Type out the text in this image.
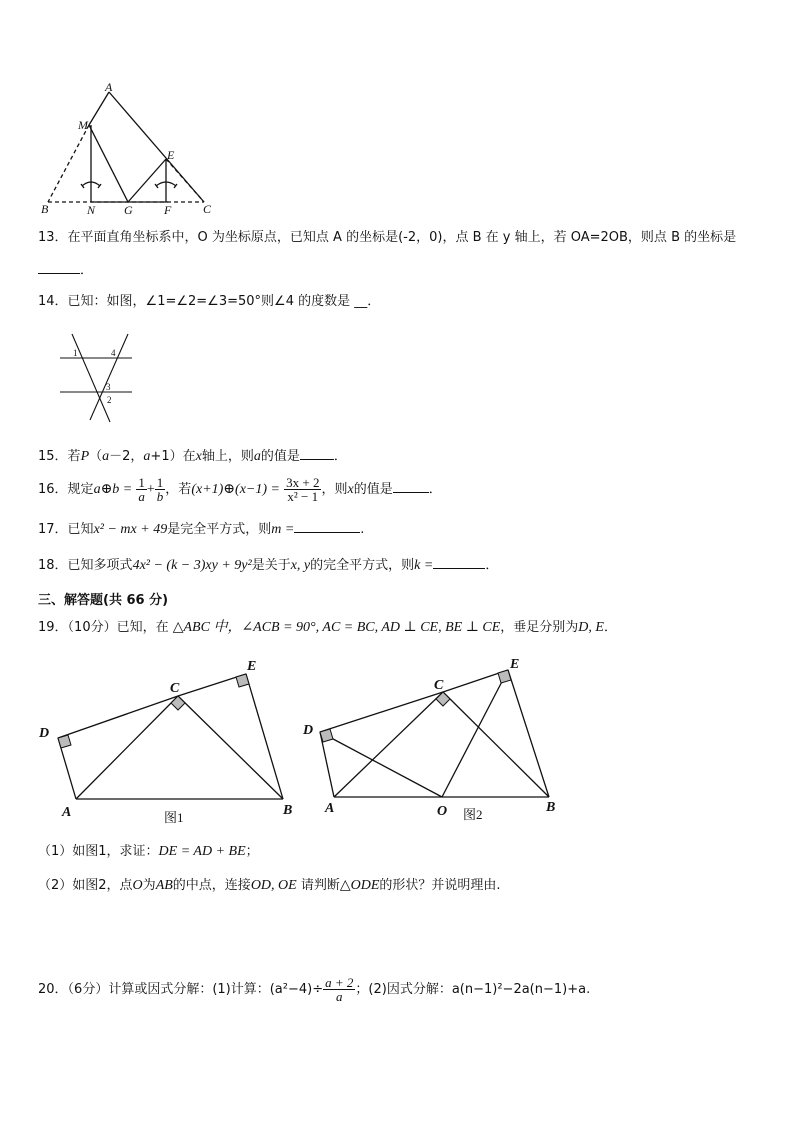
A
M
E
B	N G	F	C
13．在平面直角坐标系中，O 为坐标原点，已知点 A 的坐标是(-2，0)，点 B 在 y 轴上，若 OA=2OB，则点 B 的坐标是
．
14．已知：如图，∠1=∠2=∠3=50°则∠4 的度数是 __．
1	4
3
2
15．若P（a－2，a+1）在x轴上，则a的值是	．
16．规定a⊕b = $\frac{1}{a} + \frac{1}{b}$ ，若(x+1)⊕(x−1) = $\frac{3x + 2}{\text{x² − 1}}$ ，则x的值是	．
17．已知x² − mx + 49是完全平方式，则m =	.
18．已知多项式4x² − (k − 3)xy + 9y²是关于x, y的完全平方式，则k =	．
三、解答题(共 66 分)
19．（10分）已知，在 △ABC 中，∠ACB = 90°, AC = BC, AD ⊥ CE, BE ⊥ CE，垂足分别为D, E．
E
C
D
A	B
图1
E
C
D
A	O	B
图2
（1）如图1，求证：DE = AD + BE；
（2）如图2，点O为AB的中点，连接OD, OE 请判断△ODE的形状？并说明理由.
20．（6分）计算或因式分解：(1)计算：$(a^2-4)\div \frac{a + 2}{a}$ ；(2)因式分解：a(n−1)²−2a(n−1)+a.
